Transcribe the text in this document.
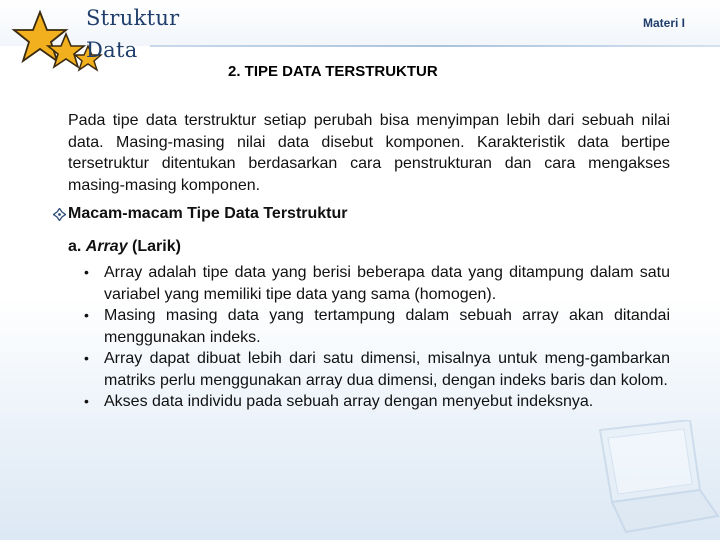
Struktur
Data
Materi I
2. TIPE DATA TERSTRUKTUR
Pada tipe data terstruktur setiap perubah bisa menyimpan lebih dari sebuah nilai data. Masing-masing nilai data disebut komponen. Karakteristik data bertipe tersetruktur ditentukan berdasarkan cara penstrukturan dan cara mengakses masing-masing komponen.
Macam-macam Tipe Data Terstruktur
a. Array (Larik)
• Array adalah tipe data yang berisi beberapa data yang ditampung dalam satu variabel yang memiliki tipe data yang sama (homogen).
• Masing masing data yang tertampung dalam sebuah array akan ditandai menggunakan indeks.
• Array dapat dibuat lebih dari satu dimensi, misalnya untuk meng-gambarkan matriks perlu menggunakan array dua dimensi, dengan indeks baris dan kolom.
• Akses data individu pada sebuah array dengan menyebut indeksnya.
